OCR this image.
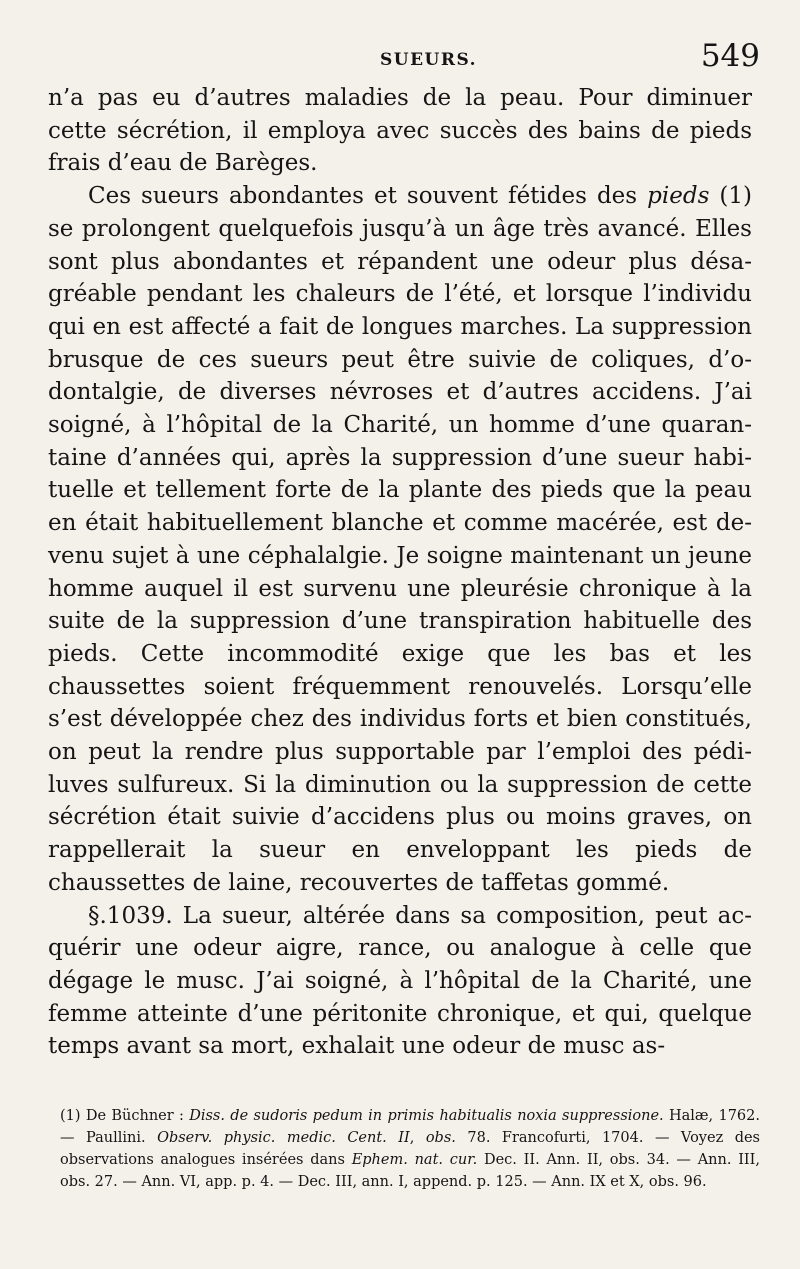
SUEURS.	549

n’a pas eu d’autres maladies de la peau. Pour diminuer cette sécrétion, il employa avec succès des bains de pieds frais d’eau de Barèges.

Ces sueurs abondantes et souvent fétides des pieds (1) se prolongent quelquefois jusqu’à un âge très avancé. Elles sont plus abondantes et répandent une odeur plus désagréable pendant les chaleurs de l’été, et lorsque l’individu qui en est affecté a fait de longues marches. La suppression brusque de ces sueurs peut être suivie de coliques, d’odontalgie, de diverses névroses et d’autres accidens. J’ai soigné, à l’hôpital de la Charité, un homme d’une quarantaine d’années qui, après la suppression d’une sueur habituelle et tellement forte de la plante des pieds que la peau en était habituellement blanche et comme macérée, est devenu sujet à une céphalalgie. Je soigne maintenant un jeune homme auquel il est survenu une pleurésie chronique à la suite de la suppression d’une transpiration habituelle des pieds. Cette incommodité exige que les bas et les chaussettes soient fréquemment renouvelés. Lorsqu’elle s’est développée chez des individus forts et bien constitués, on peut la rendre plus supportable par l’emploi des pédiluves sulfureux. Si la diminution ou la suppression de cette sécrétion était suivie d’accidens plus ou moins graves, on rappellerait la sueur en enveloppant les pieds de chaussettes de laine, recouvertes de taffetas gommé.

§.1039. La sueur, altérée dans sa composition, peut acquérir une odeur aigre, rance, ou analogue à celle que dégage le musc. J’ai soigné, à l’hôpital de la Charité, une femme atteinte d’une péritonite chronique, et qui, quelque temps avant sa mort, exhalait une odeur de musc as-

(1) De Büchner : Diss. de sudoris pedum in primis habitualis noxia suppressione. Halæ, 1762. — Paullini. Observ. physic. medic. Cent. II, obs. 78. Francofurti, 1704. — Voyez des observations analogues insérées dans Ephem. nat. cur. Dec. II. Ann. II, obs. 34. — Ann. III, obs. 27. — Ann. VI, app. p. 4. — Dec. III, ann. I, append. p. 125. — Ann. IX et X, obs. 96.
